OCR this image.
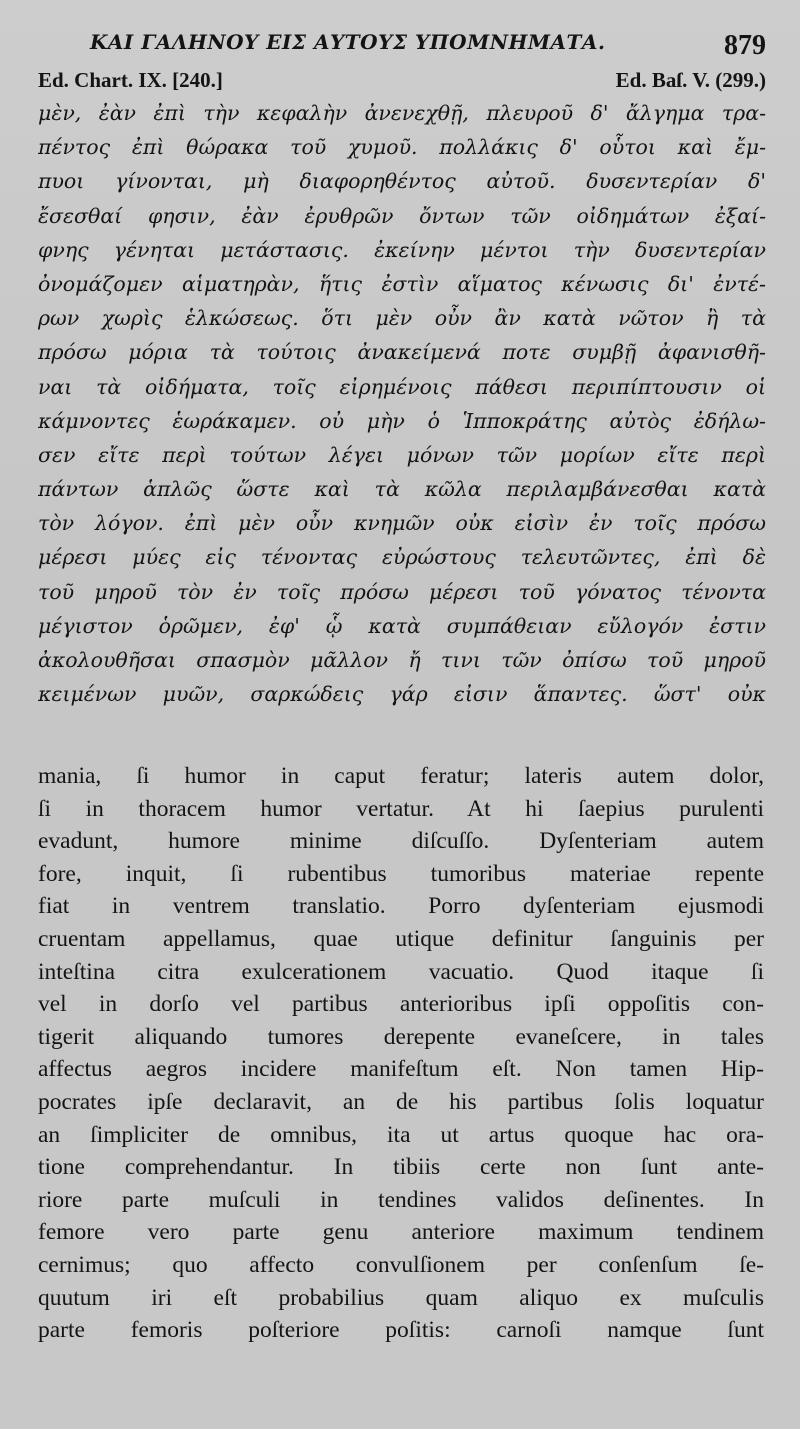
ΚΑΙ ΓΑΛΗΝΟΥ ΕΙΣ ΑΥΤΟΥΣ ΥΠΟΜΝΗΜΑΤΑ.	879
Ed. Chart. IX. [240.]	Ed. Baſ. V. (299.)
μὲν, ἐὰν ἐπὶ τὴν κεφαλὴν ἀνενεχθῇ, πλευροῦ δ' ἄλγημα τρα-
πέντος ἐπὶ θώρακα τοῦ χυμοῦ. πολλάκις δ' οὗτοι καὶ ἔμ-
πυοι γίνονται, μὴ διαφορηθέντος αὐτοῦ. δυσεντερίαν δ'
ἔσεσθαί φησιν, ἐὰν ἐρυθρῶν ὄντων τῶν οἰδημάτων ἐξαί-
φνης γένηται μετάστασις. ἐκείνην μέντοι τὴν δυσεντερίαν
ὀνομάζομεν αἱματηρὰν, ἥτις ἐστὶν αἵματος κένωσις δι' ἐντέ-
ρων χωρὶς ἑλκώσεως. ὅτι μὲν οὖν ἂν κατὰ νῶτον ἢ τὰ
πρόσω μόρια τὰ τούτοις ἀνακείμενά ποτε συμβῇ ἀφανισθῆ-
ναι τὰ οἰδήματα, τοῖς εἰρημένοις πάθεσι περιπίπτουσιν οἱ
κάμνοντες ἑωράκαμεν. οὐ μὴν ὁ Ἱπποκράτης αὐτὸς ἐδήλω-
σεν εἴτε περὶ τούτων λέγει μόνων τῶν μορίων εἴτε περὶ
πάντων ἁπλῶς ὥστε καὶ τὰ κῶλα περιλαμβάνεσθαι κατὰ
τὸν λόγον. ἐπὶ μὲν οὖν κνημῶν οὐκ εἰσὶν ἐν τοῖς πρόσω
μέρεσι μύες εἰς τένοντας εὐρώστους τελευτῶντες, ἐπὶ δὲ
τοῦ μηροῦ τὸν ἐν τοῖς πρόσω μέρεσι τοῦ γόνατος τένοντα
μέγιστον ὁρῶμεν, ἐφ' ᾧ κατὰ συμπάθειαν εὔλογόν ἐστιν
ἀκολουθῆσαι σπασμὸν μᾶλλον ἤ τινι τῶν ὀπίσω τοῦ μηροῦ
κειμένων μυῶν, σαρκώδεις γάρ εἰσιν ἅπαντες. ὥστ' οὐκ
mania, ſi humor in caput feratur; lateris autem dolor,
ſi in thoracem humor vertatur. At hi ſaepius purulenti
evadunt, humore minime diſcuſſo. Dyſenteriam autem
fore, inquit, ſi rubentibus tumoribus materiae repente
fiat in ventrem translatio. Porro dyſenteriam ejusmodi
cruentam appellamus, quae utique definitur ſanguinis per
inteſtina citra exulcerationem vacuatio. Quod itaque ſi
vel in dorſo vel partibus anterioribus ipſi oppoſitis con-
tigerit aliquando tumores derepente evaneſcere, in tales
affectus aegros incidere manifeſtum eſt. Non tamen Hip-
pocrates ipſe declaravit, an de his partibus ſolis loquatur
an ſimpliciter de omnibus, ita ut artus quoque hac ora-
tione comprehendantur. In tibiis certe non ſunt ante-
riore parte muſculi in tendines validos deſinentes. In
femore vero parte genu anteriore maximum tendinem
cernimus; quo affecto convulſionem per conſenſum ſe-
quutum iri eſt probabilius quam aliquo ex muſculis
parte femoris poſteriore poſitis: carnoſi namque ſunt
